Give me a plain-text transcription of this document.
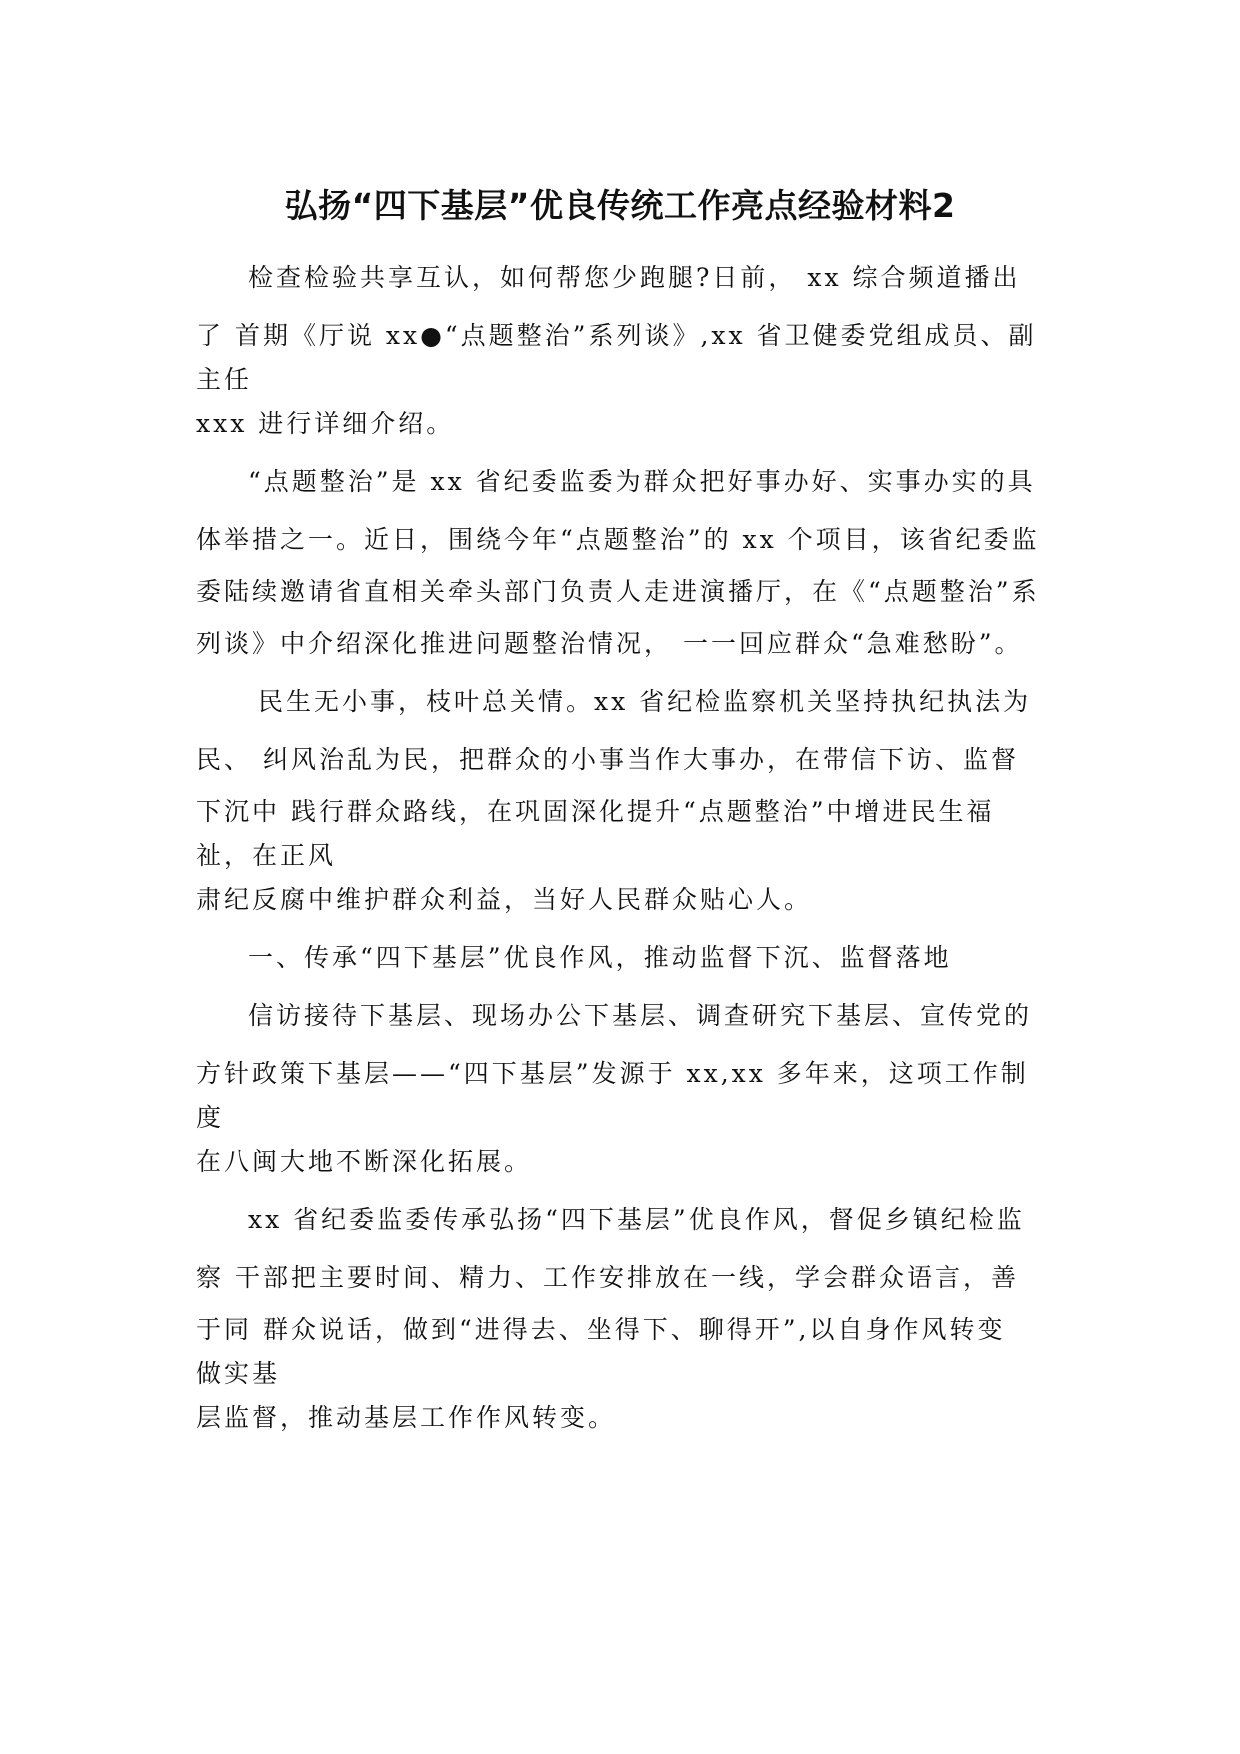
弘扬“四下基层”优良传统工作亮点经验材料2
检查检验共享互认，如何帮您少跑腿?日前， xx 综合频道播出
了 首期《厅说 xx●“点题整治”系列谈》,xx 省卫健委党组成员、副
主任
xxx 进行详细介绍。
“点题整治”是 xx 省纪委监委为群众把好事办好、实事办实的具
体举措之一。近日，围绕今年“点题整治”的 xx 个项目，该省纪委监
委陆续邀请省直相关牵头部门负责人走进演播厅，在《“点题整治”系
列谈》中介绍深化推进问题整治情况， 一一回应群众“急难愁盼”。
民生无小事，枝叶总关情。xx 省纪检监察机关坚持执纪执法为
民、 纠风治乱为民，把群众的小事当作大事办，在带信下访、监督
下沉中 践行群众路线，在巩固深化提升“点题整治”中增进民生福
祉，在正风
肃纪反腐中维护群众利益，当好人民群众贴心人。
一、传承“四下基层”优良作风，推动监督下沉、监督落地
信访接待下基层、现场办公下基层、调查研究下基层、宣传党的
方针政策下基层——“四下基层”发源于 xx,xx 多年来，这项工作制
度
在八闽大地不断深化拓展。
xx 省纪委监委传承弘扬“四下基层”优良作风，督促乡镇纪检监
察 干部把主要时间、精力、工作安排放在一线，学会群众语言，善
于同 群众说话，做到“进得去、坐得下、聊得开”,以自身作风转变
做实基
层监督，推动基层工作作风转变。
